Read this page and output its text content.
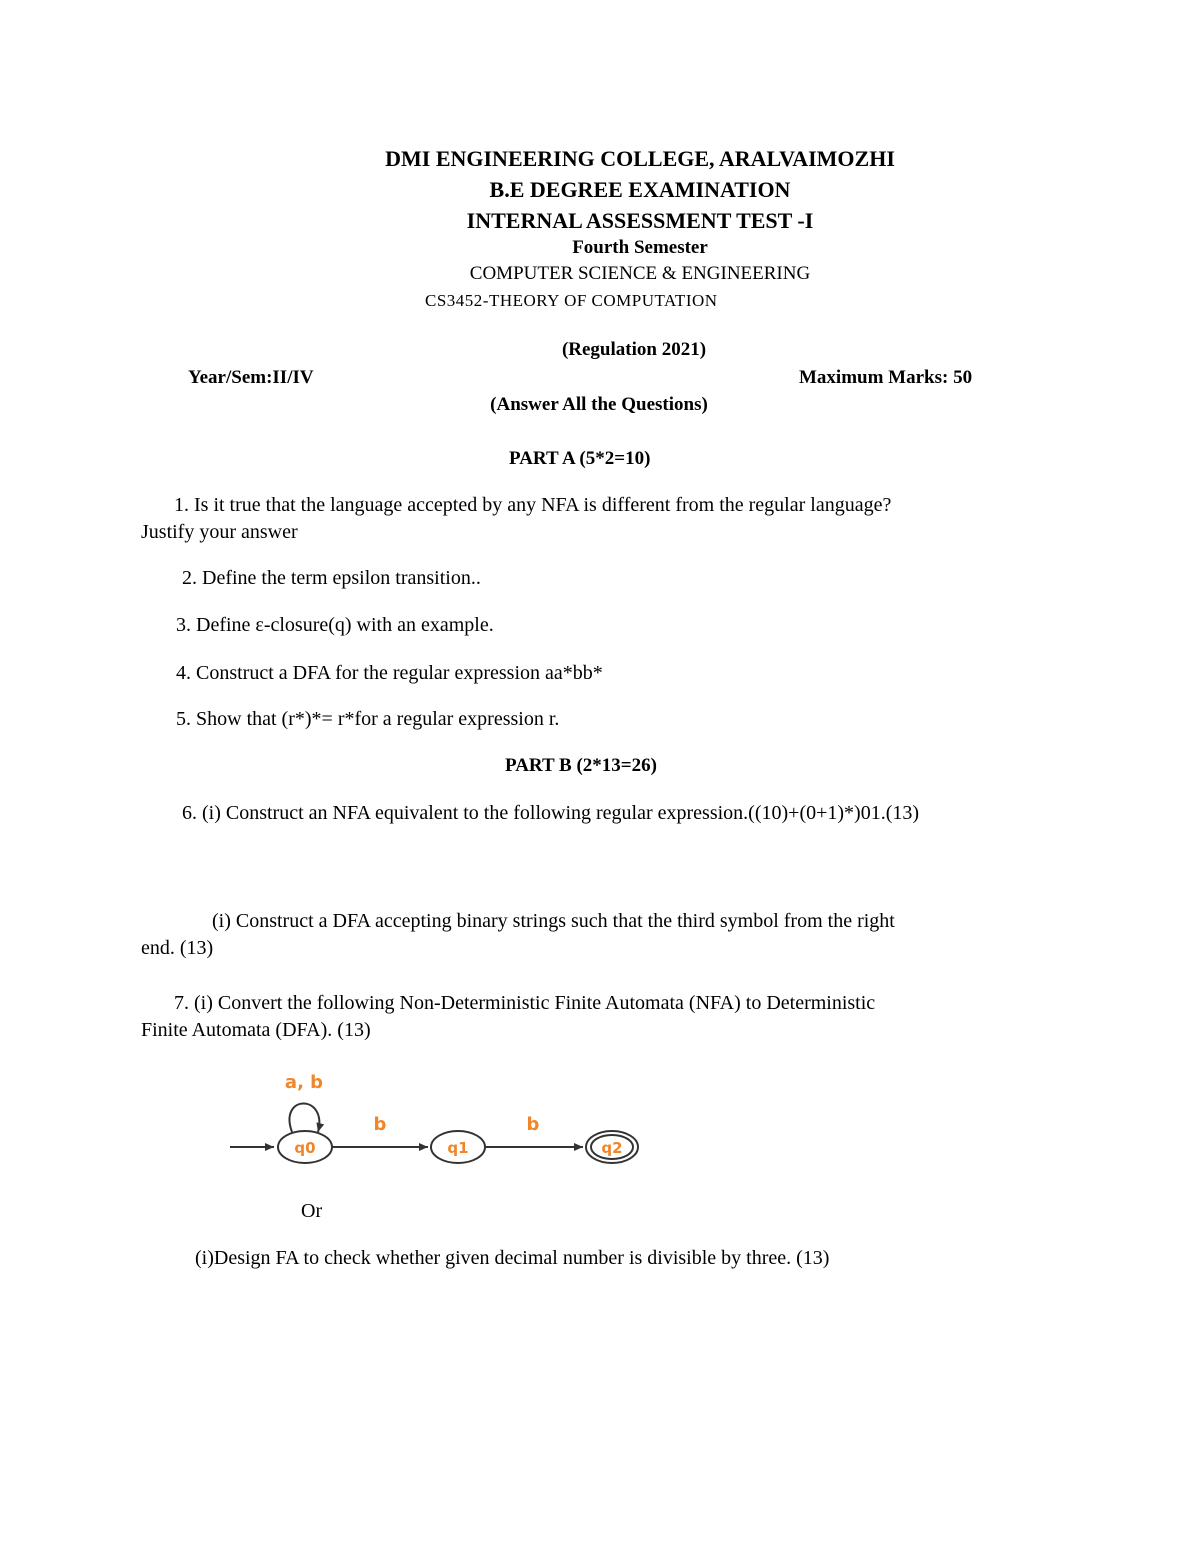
DMI ENGINEERING COLLEGE, ARALVAIMOZHI
B.E DEGREE EXAMINATION
INTERNAL ASSESSMENT TEST -I
Fourth Semester
COMPUTER SCIENCE & ENGINEERING
CS3452-THEORY OF COMPUTATION
(Regulation 2021)
Year/Sem:II/IV	Maximum Marks: 50
(Answer All the Questions)
PART A (5*2=10)
1. Is it true that the language accepted by any NFA is different from the regular language?
Justify your answer
2. Define the term epsilon transition..
3. Define ε-closure(q) with an example.
4. Construct a DFA for the regular expression aa*bb*
5. Show that (r*)*= r*for a regular expression r.
PART B (2*13=26)
6. (i) Construct an NFA equivalent to the following regular expression.((10)+(0+1)*)01.(13)
(i) Construct a DFA accepting binary strings such that the third symbol from the right
end. (13)
7. (i) Convert the following Non-Deterministic Finite Automata (NFA) to Deterministic
Finite Automata (DFA). (13)
a, b
q0
b
q1
b
q2
Or
(i)Design FA to check whether given decimal number is divisible by three. (13)
